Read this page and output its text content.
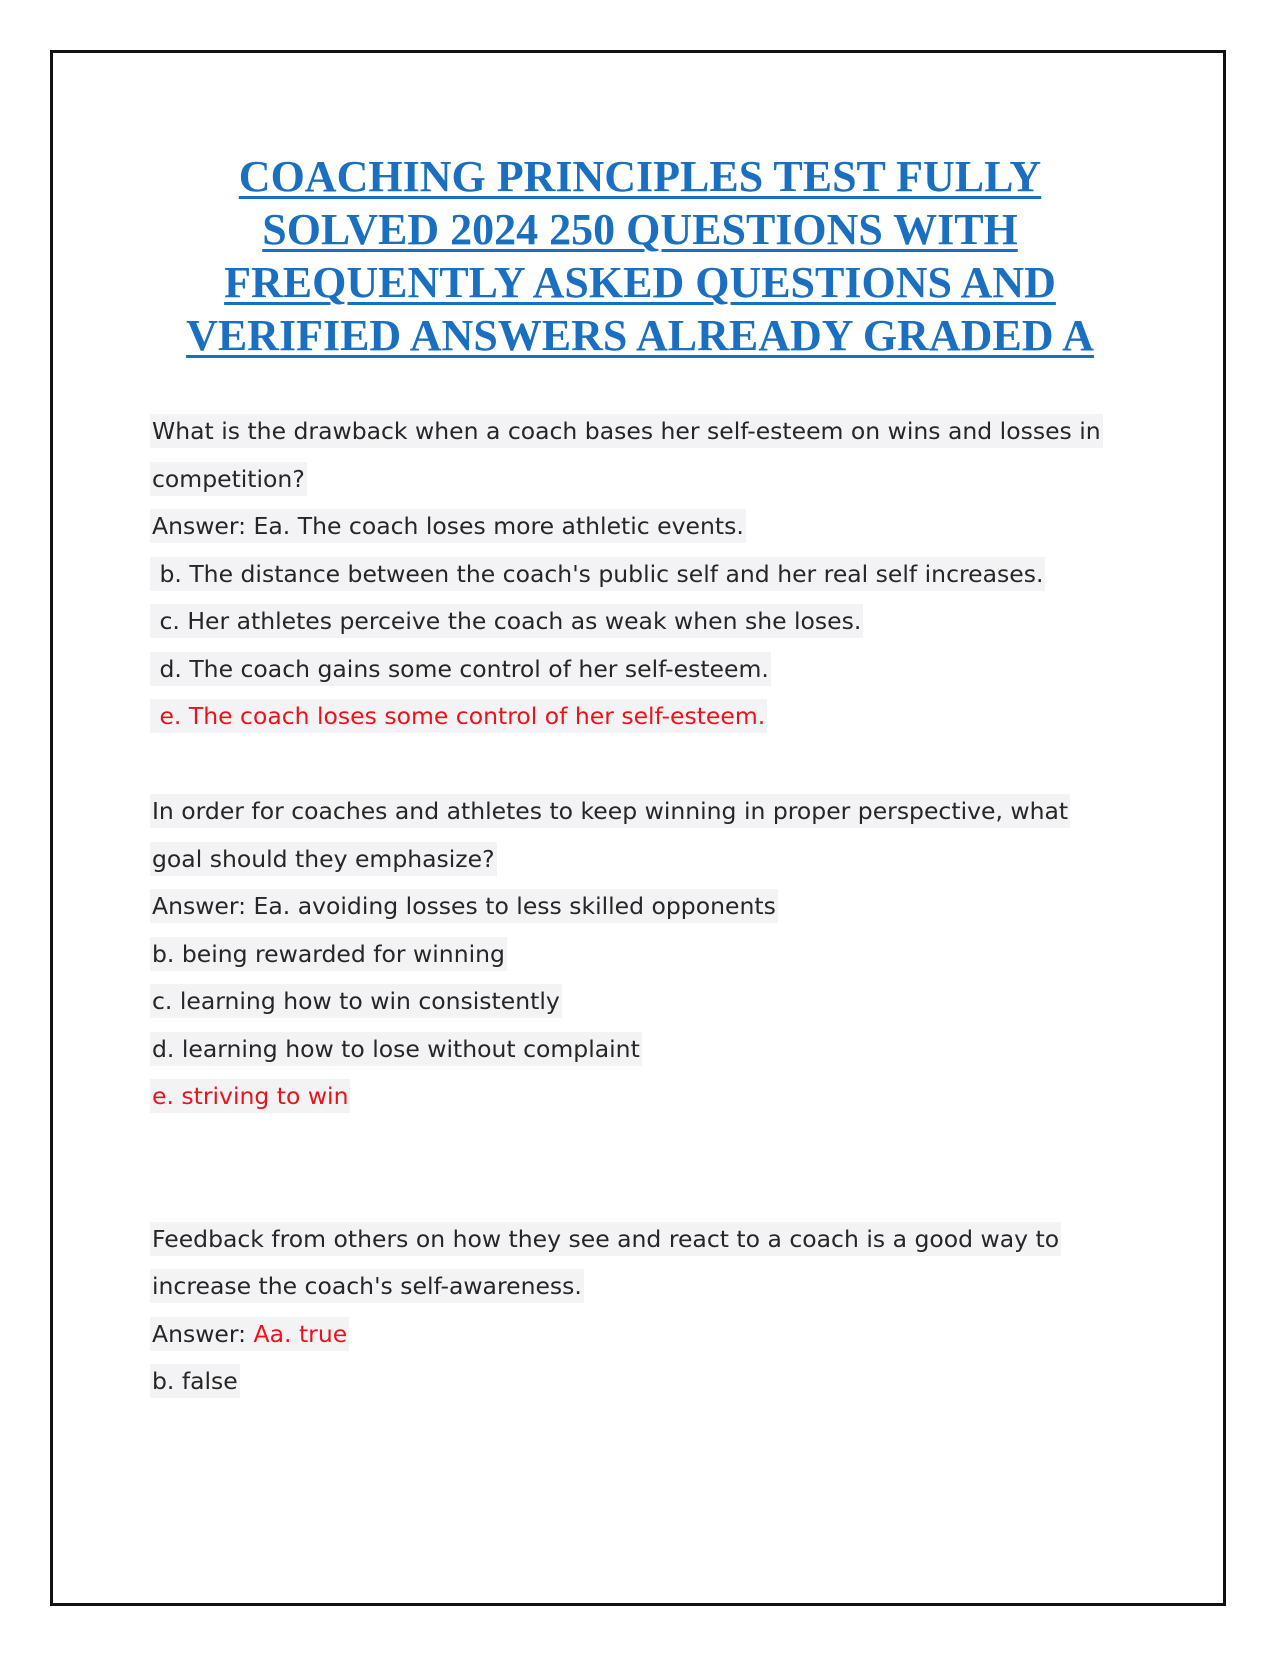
COACHING PRINCIPLES TEST FULLY
SOLVED 2024 250 QUESTIONS WITH
FREQUENTLY ASKED QUESTIONS AND
VERIFIED ANSWERS ALREADY GRADED A
What is the drawback when a coach bases her self-esteem on wins and losses in
competition?
Answer: Ea. The coach loses more athletic events.
b. The distance between the coach's public self and her real self increases.
c. Her athletes perceive the coach as weak when she loses.
d. The coach gains some control of her self-esteem.
e. The coach loses some control of her self-esteem.
In order for coaches and athletes to keep winning in proper perspective, what
goal should they emphasize?
Answer: Ea. avoiding losses to less skilled opponents
b. being rewarded for winning
c. learning how to win consistently
d. learning how to lose without complaint
e. striving to win
Feedback from others on how they see and react to a coach is a good way to
increase the coach's self-awareness.
Answer: Aa. true
b. false
